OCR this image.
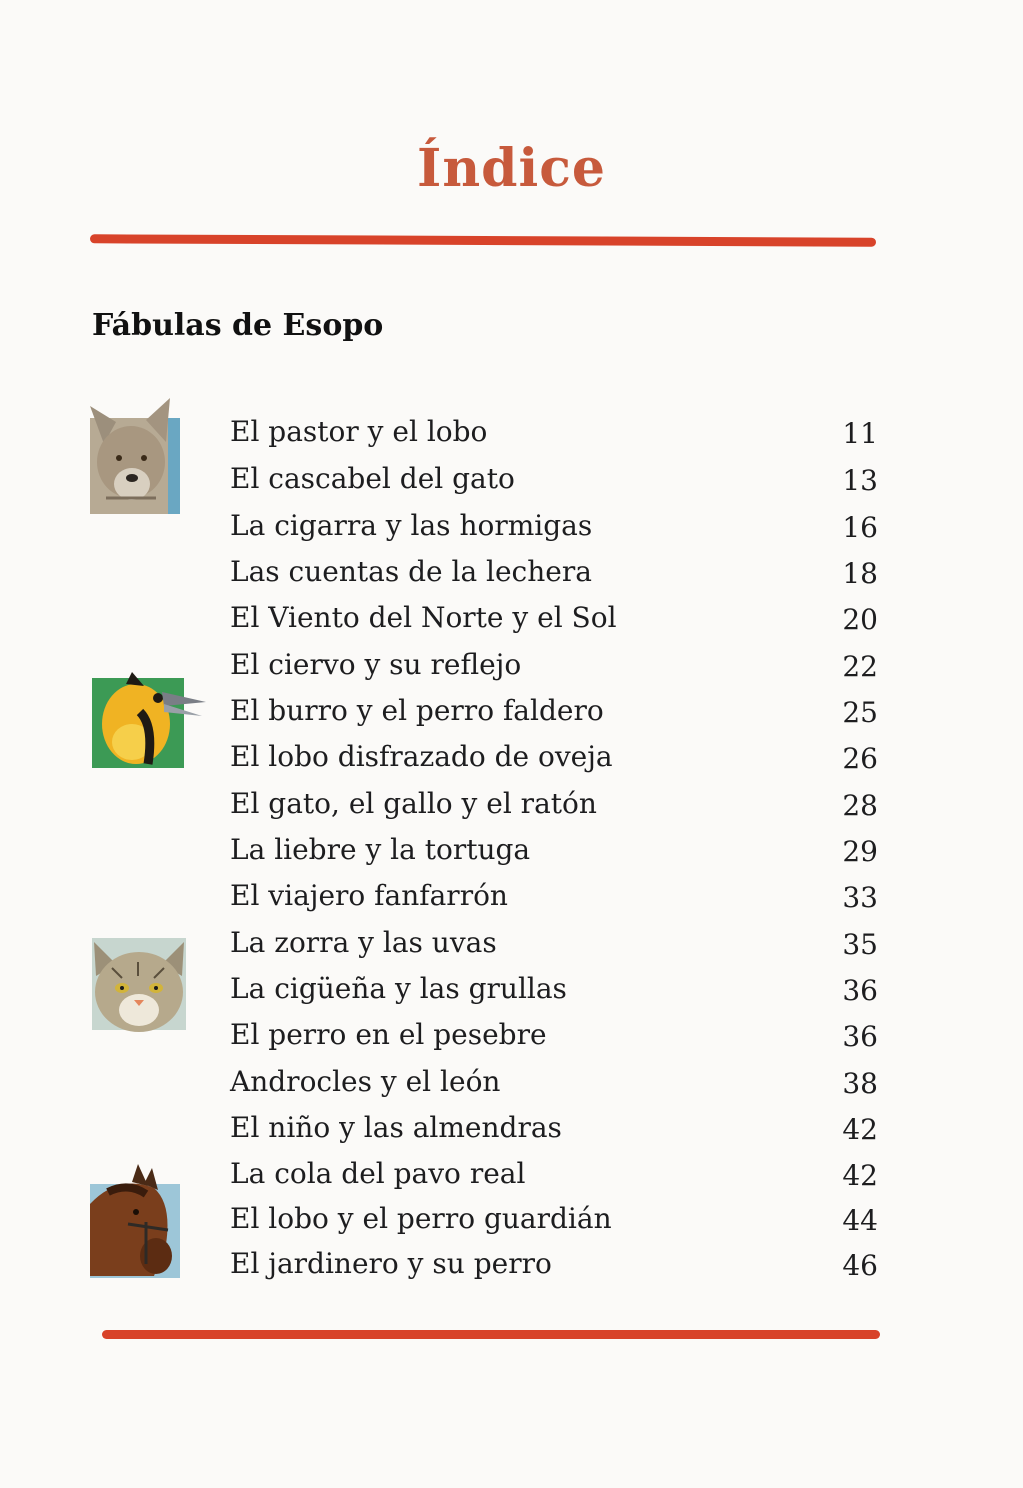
Índice
Fábulas de Esopo
El pastor y el lobo	11
El cascabel del gato	13
La cigarra y las hormigas	16
Las cuentas de la lechera	18
El Viento del Norte y el Sol	20
El ciervo y su reflejo	22
El burro y el perro faldero	25
El lobo disfrazado de oveja	26
El gato, el gallo y el ratón	28
La liebre y la tortuga	29
El viajero fanfarrón	33
La zorra y las uvas	35
La cigüeña y las grullas	36
El perro en el pesebre	36
Androcles y el león	38
El niño y las almendras	42
La cola del pavo real	42
El lobo y el perro guardián	44
El jardinero y su perro	46
